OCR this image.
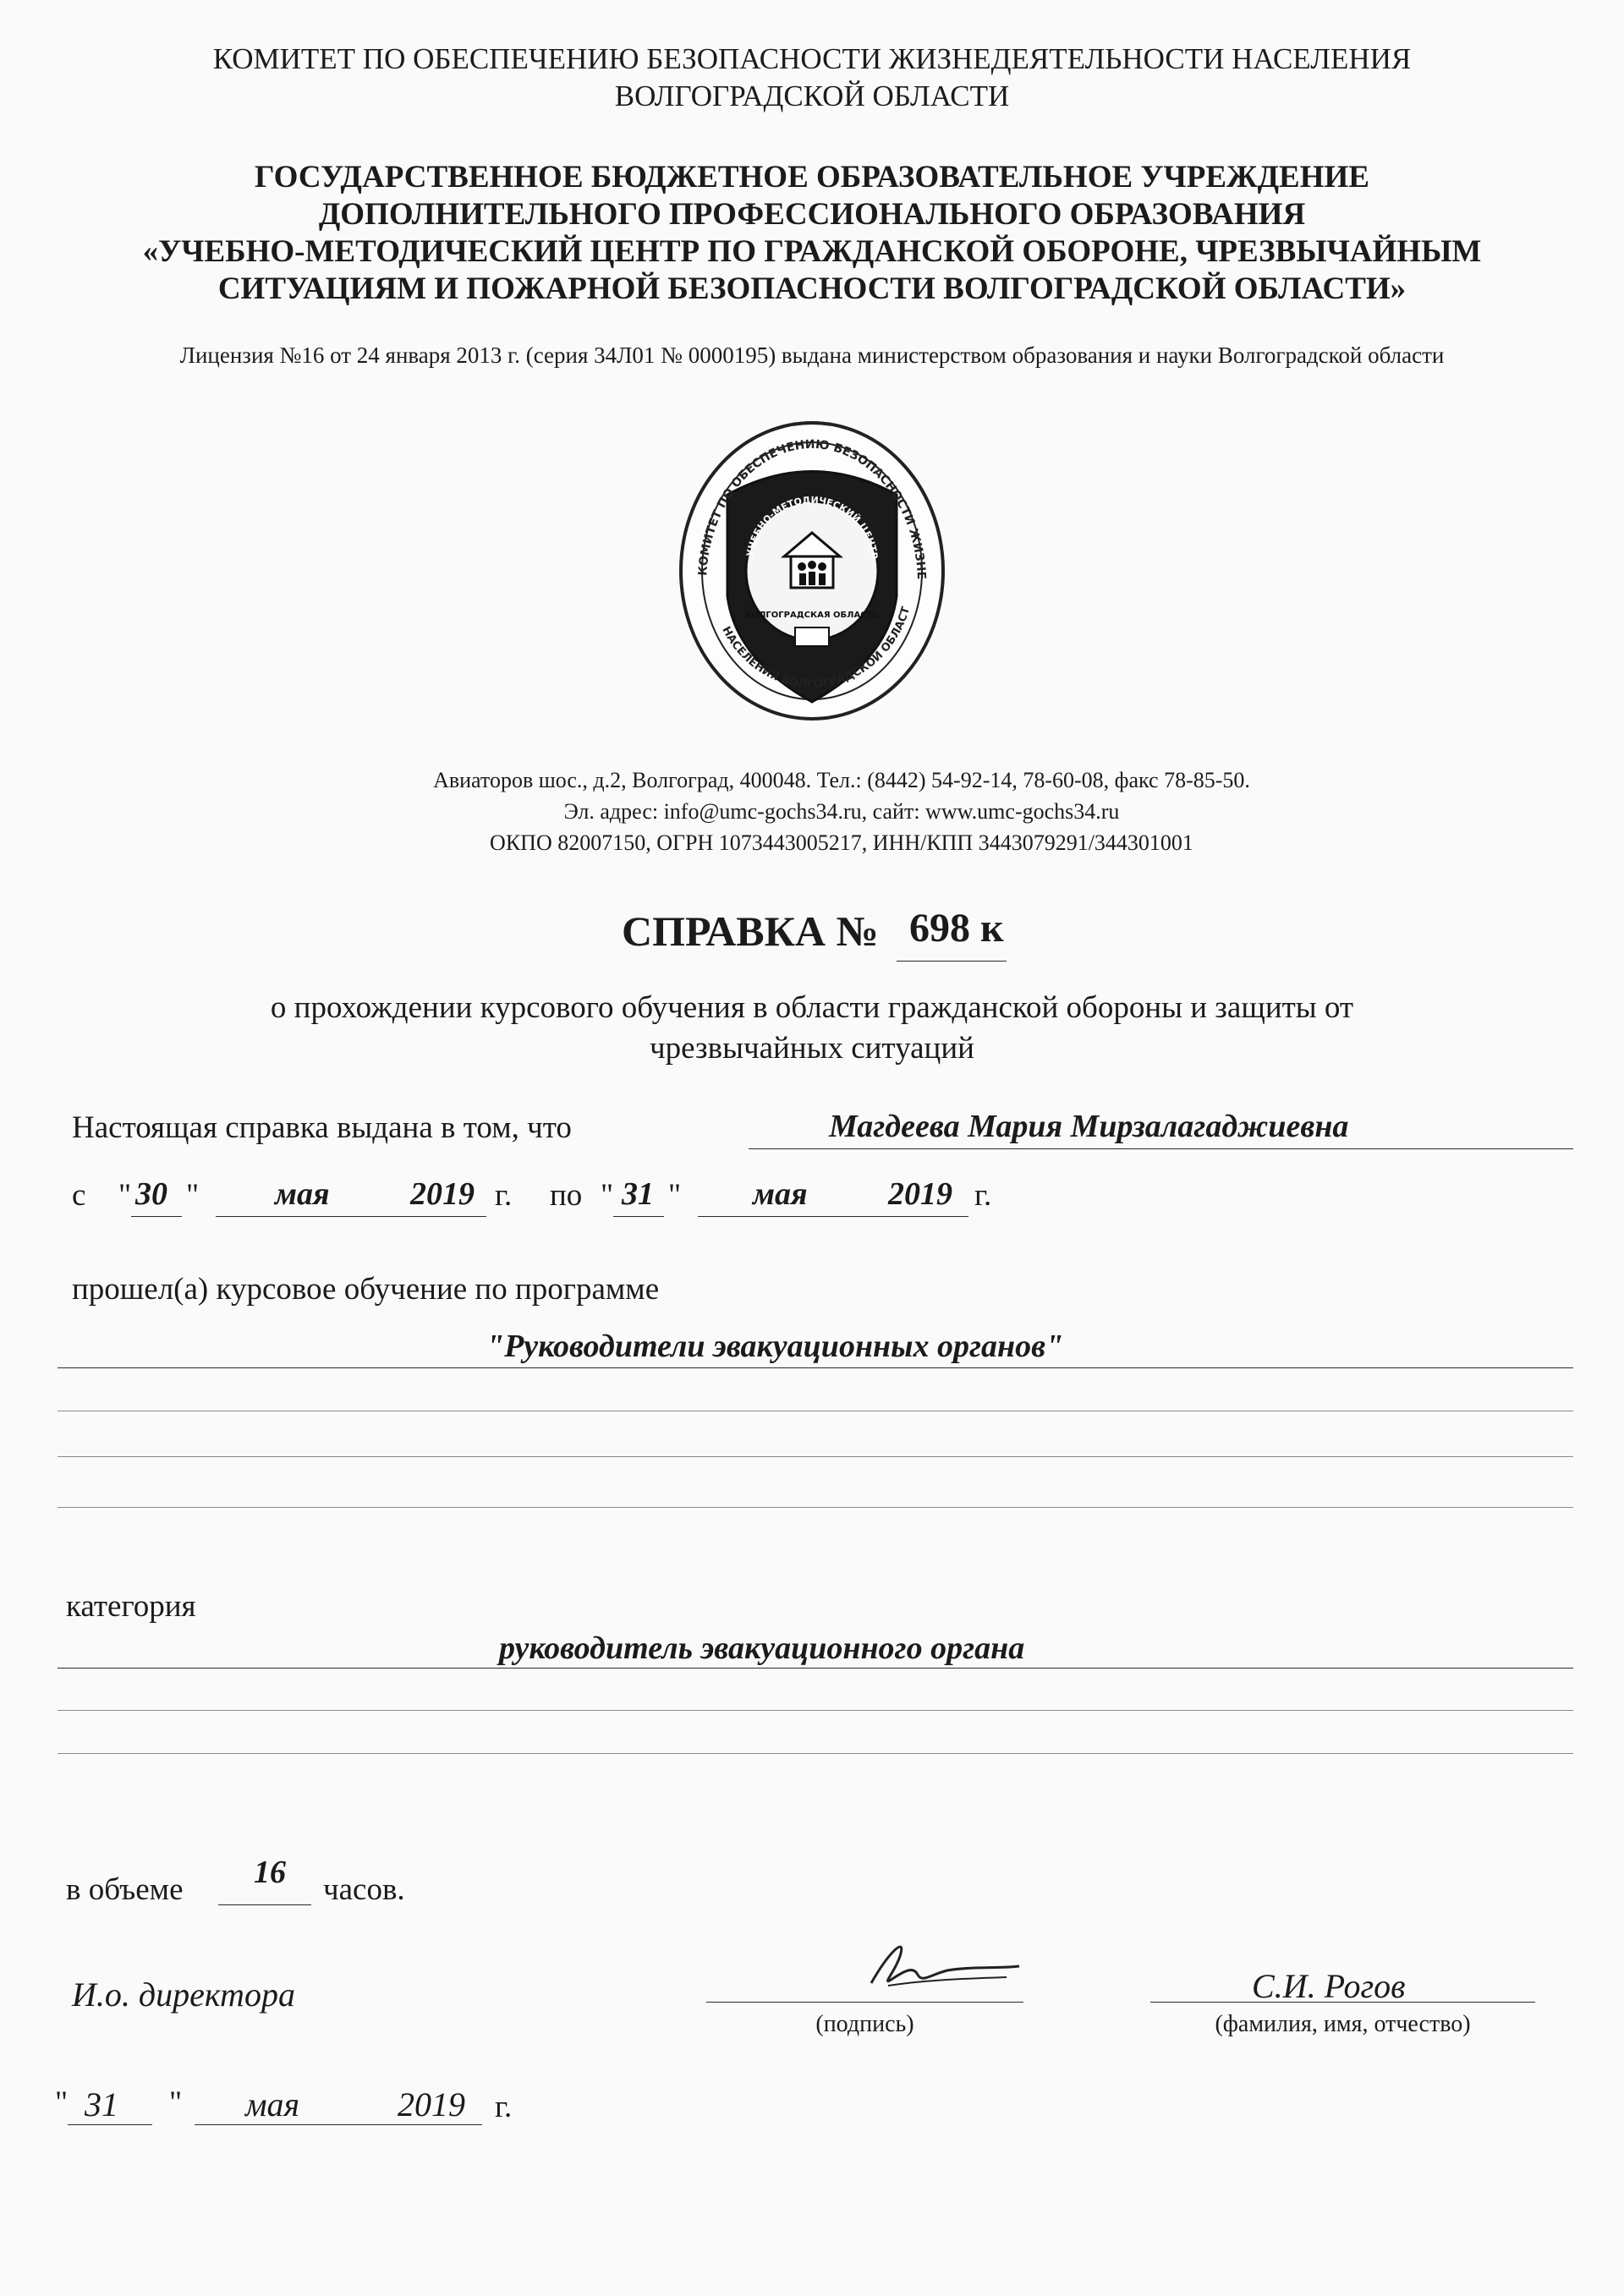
КОМИТЕТ ПО ОБЕСПЕЧЕНИЮ БЕЗОПАСНОСТИ ЖИЗНЕДЕЯТЕЛЬНОСТИ НАСЕЛЕНИЯ
ВОЛГОГРАДСКОЙ ОБЛАСТИ
ГОСУДАРСТВЕННОЕ БЮДЖЕТНОЕ ОБРАЗОВАТЕЛЬНОЕ УЧРЕЖДЕНИЕ
ДОПОЛНИТЕЛЬНОГО ПРОФЕССИОНАЛЬНОГО ОБРАЗОВАНИЯ
«УЧЕБНО-МЕТОДИЧЕСКИЙ ЦЕНТР ПО ГРАЖДАНСКОЙ ОБОРОНЕ, ЧРЕЗВЫЧАЙНЫМ
СИТУАЦИЯМ И ПОЖАРНОЙ БЕЗОПАСНОСТИ ВОЛГОГРАДСКОЙ ОБЛАСТИ»
Лицензия №16 от 24 января 2013 г. (серия 34Л01 № 0000195) выдана министерством образования и науки Волгоградской области
КОМИТЕТ ПО ОБЕСПЕЧЕНИЮ БЕЗОПАСНОСТИ ЖИЗНЕ
НАСЕЛЕНИЯ ВОЛГОГРАДСКОЙ ОБЛАСТ
УЧЕБНО-МЕТОДИЧЕСКИЙ ЦЕНТР
ВОЛГОГРАДСКАЯ ОБЛАСТЬ
Авиаторов шос., д.2, Волгоград, 400048. Тел.: (8442) 54-92-14, 78-60-08, факс 78-85-50.
Эл. адрес: info@umc-gochs34.ru, сайт: www.umc-gochs34.ru
ОКПО 82007150, ОГРН 1073443005217, ИНН/КПП 3443079291/344301001
СПРАВКА № 698 к
о прохождении курсового обучения в области гражданской обороны и защиты от
чрезвычайных ситуаций
Настоящая справка выдана в том, что	Магдеева Мария Мирзалагаджиевна
с " 30 " мая	2019 г. по " 31 " мая	2019 г.
прошел(а) курсовое обучение по программе
"Руководители эвакуационных органов"
категория
руководитель эвакуационного органа
в объеме 16 часов.
И.о. директора
(подпись)
С.И. Рогов
(фамилия, имя, отчество)
" 31 " мая	2019 г.
